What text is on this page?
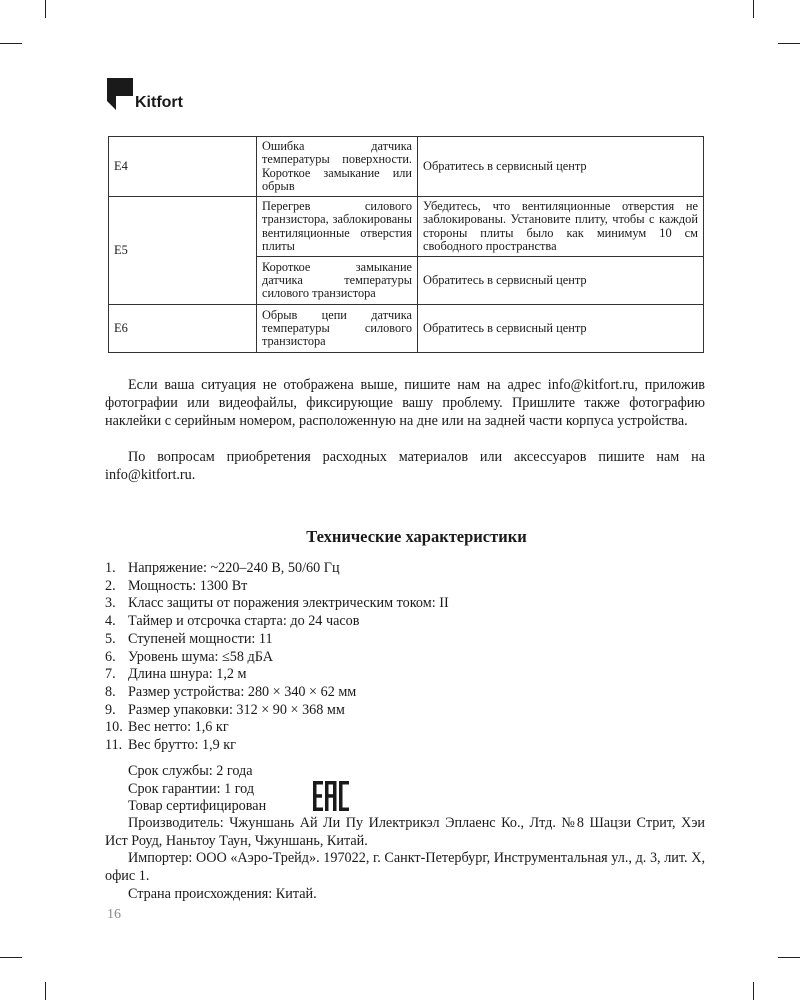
Kitfort
E4	Ошибка датчика температуры поверхности. Короткое замыкание или обрыв	Обратитесь в сервисный центр
E5	Перегрев силового транзистора, заблокированы вентиляционные отверстия плиты	Убедитесь, что вентиляционные отверстия не заблокированы. Установите плиту, чтобы с каждой стороны плиты было как минимум 10 см свободного пространства
	Короткое замыкание датчика температуры силового транзистора	Обратитесь в сервисный центр
E6	Обрыв цепи датчика температуры силового транзистора	Обратитесь в сервисный центр

Если ваша ситуация не отображена выше, пишите нам на адрес info@kitfort.ru, приложив фотографии или видеофайлы, фиксирующие вашу проблему. Пришлите также фотографию наклейки с серийным номером, расположенную на дне или на задней части корпуса устройства.

По вопросам приобретения расходных материалов или аксессуаров пишите нам на info@kitfort.ru.

Технические характеристики
1. Напряжение: ~220–240 В, 50/60 Гц
2. Мощность: 1300 Вт
3. Класс защиты от поражения электрическим током: II
4. Таймер и отсрочка старта: до 24 часов
5. Ступеней мощности: 11
6. Уровень шума: ≤58 дБА
7. Длина шнура: 1,2 м
8. Размер устройства: 280 × 340 × 62 мм
9. Размер упаковки: 312 × 90 × 368 мм
10. Вес нетто: 1,6 кг
11. Вес брутто: 1,9 кг
Срок службы: 2 года
Срок гарантии: 1 год
Товар сертифицирован

Производитель: Чжуншань Ай Ли Пу Илектрикэл Эплаенс Ко., Лтд. №8 Шацзи Стрит, Хэи Ист Роуд, Наньтоу Таун, Чжуншань, Китай.

Импортер: ООО «Аэро-Трейд». 197022, г. Санкт-Петербург, Инструментальная ул., д. 3, лит. Х, офис 1.

Страна происхождения: Китай.

16
